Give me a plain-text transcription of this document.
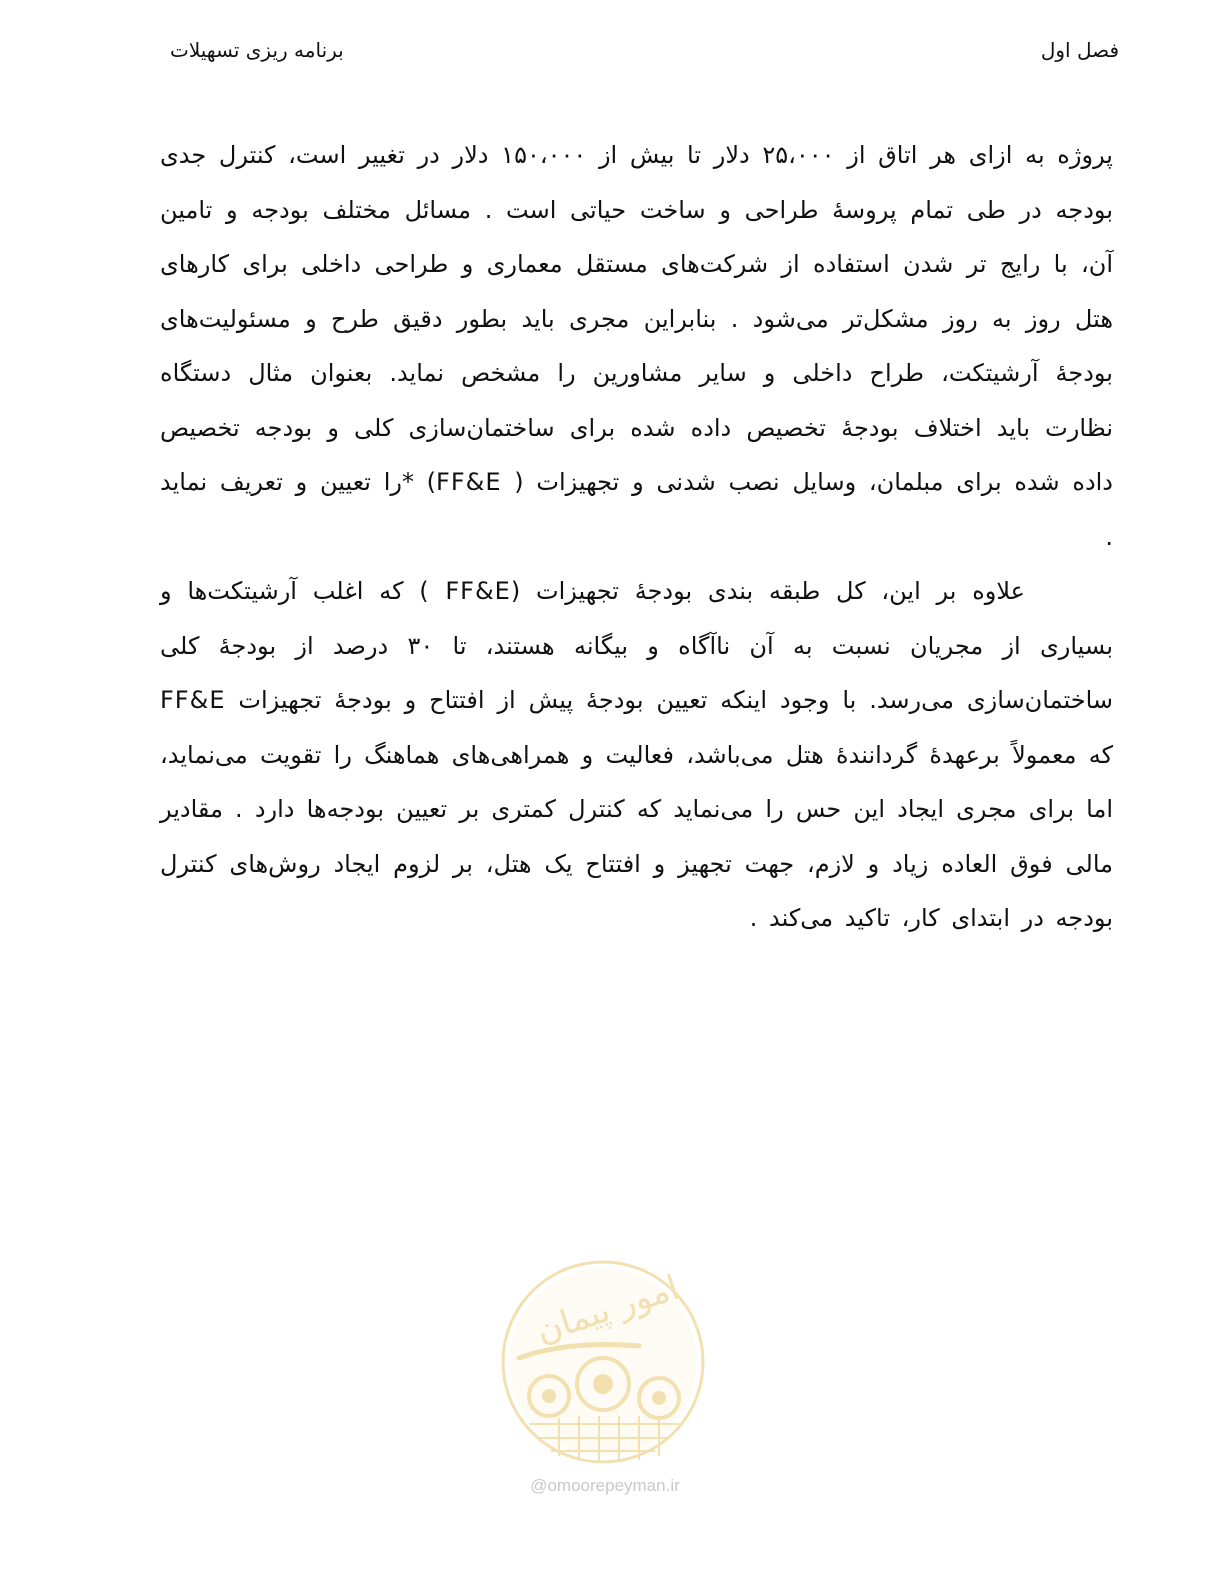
فصل اول
برنامه ریزی تسهیلات

پروژه به ازای هر اتاق از ۲۵،۰۰۰ دلار تا بیش از ۱۵۰،۰۰۰ دلار در تغییر است، کنترل جدی بودجه در طی تمام پروسهٔ طراحی و ساخت حیاتی است . مسائل مختلف بودجه و تامین آن، با رایج تر شدن استفاده از شرکت‌های مستقل معماری و طراحی داخلی برای کارهای هتل روز به روز مشکل‌تر می‌شود . بنابراین مجری باید بطور دقیق طرح و مسئولیت‌های بودجهٔ آرشیتکت، طراح داخلی و سایر مشاورین را مشخص نماید. بعنوان مثال دستگاه نظارت باید اختلاف بودجهٔ تخصیص داده شده برای ساختمان‌سازی کلی و بودجه تخصیص داده شده برای مبلمان، وسایل نصب شدنی و تجهیزات ( FF&E) *را تعیین و تعریف نماید .

علاوه بر این، کل طبقه بندی بودجهٔ تجهیزات (FF&E ) که اغلب آرشیتکت‌ها و بسیاری از مجریان نسبت به آن ناآگاه و بیگانه هستند، تا ۳۰ درصد از بودجهٔ کلی ساختمان‌سازی می‌رسد. با وجود اینکه تعیین بودجهٔ پیش از افتتاح و بودجهٔ تجهیزات FF&E که معمولاً برعهدهٔ گردانندهٔ هتل می‌باشد، فعالیت و همراهی‌های هماهنگ را تقویت می‌نماید، اما برای مجری ایجاد این حس را می‌نماید که کنترل کمتری بر تعیین بودجه‌ها دارد . مقادیر مالی فوق العاده زیاد و لازم، جهت تجهیز و افتتاح یک هتل، بر لزوم ایجاد روش‌های کنترل بودجه در ابتدای کار، تاکید می‌کند .

امور پیمان
@omoorepeyman.ir
